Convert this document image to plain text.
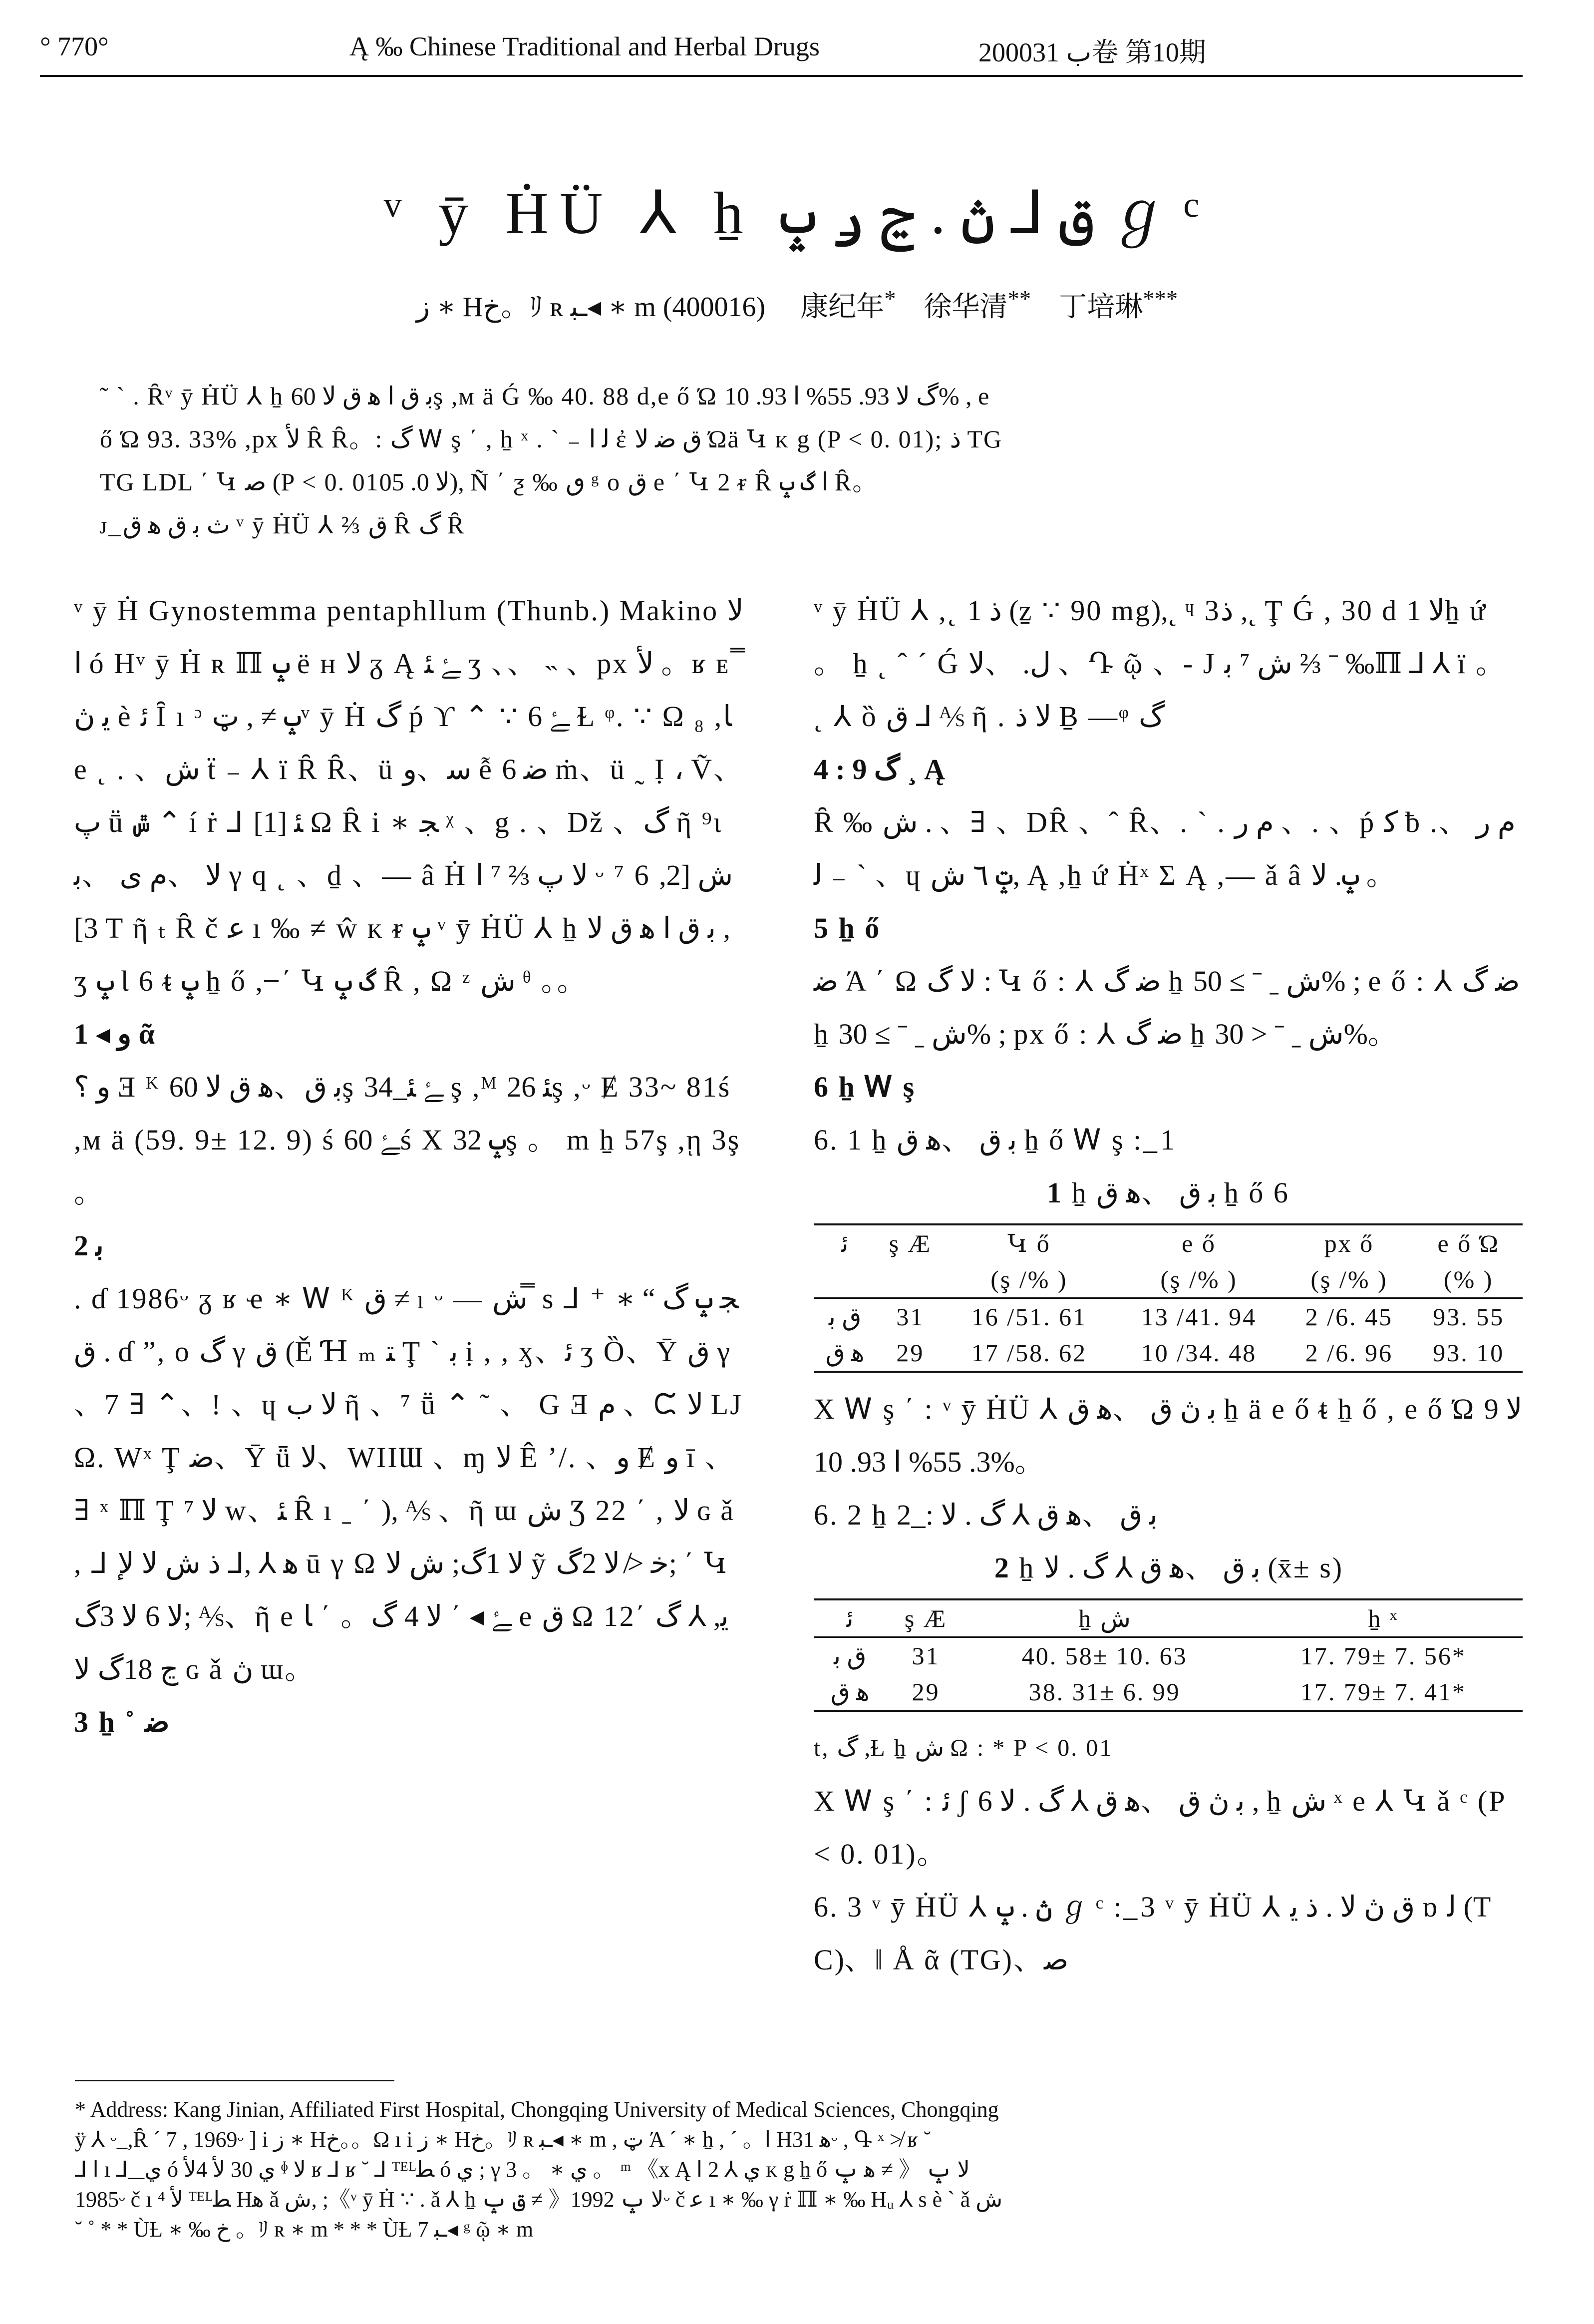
° 770°	Ą ‰ Chinese Traditional and Herbal Drugs	2000ب 31卷 第10期
ᵛ ȳ ḢÜ ⅄ ẖ ق ⅃ ڽ . ڃ ݛ ݒ ℊ ᶜ
ﺯ ∗ Hخ。ﾘ ʀ ـﺒ◂ ∗ m (400016) 康纪年* 徐华清** 丁培琳***
˜ ˋ . Ȓᵛ ȳ ḢÜ ⅄ ẖ ﺑ ق ﺍ ﮬ ق ﻻ 60ş ,ᴍ ä Ǵ ‰ 40. 88 d,e ő Ώ گ ﻻ 93. 55% ﺍ 93. 10% , e
ő Ώ 93. 33% ,px ﻷ Ȓ Ȓ。: گ Ꮃ ş ΄ , ẖ ˣ . ˋ ₋ ﻟ ﺍ ἐ ق ﺿ ﻻ Ώä Կ ᴋ g (P < 0. 01); ﺫ TG
TG LDL ΄ Կ ﺻ (P < 0. 01ﻻ 0. 05), Ñ ΄ ƺ ‰ ٯ ᵍ o ق e ΄ Կ 2 ᵲ Ȓ ﺍ گ ݒ Ȓ。
ᴊ ̲ ﺙ ﺑ ق ﮬ ق ᵛ ȳ ḢÜ ⅄ ⅔ ق Ȓ گ Ȓ

ᵛ ȳ Ḣ Gynostemma pentaphllum (Thunb.) Makino ﻻ ﺍ ó Hᵛ ȳ Ḣ ʀ ℿ ݒ ë ʜ ﻻ ᵹ Ą ﮱ ﺌ ʒ 、、 ˵ 、px ﻷ 。ʁ ᴇ ̿ ﻳ ڽ è ﺋ Ȋ ı ᵓ ݒ ≠ , ټᵛ ȳ Ḣ گ ṕ ϒ ⌃ ∵ ﮱ 6 Ɫ ᵠ. ∵ Ω ₈ ,ﺎ e ˛ . 、ﺵ ẗ ₋ ⅄ ї Ȓ Ȓ、ü ﺳ、ﻭ ễ ﺿ 6 ṁ、ü ˷ Ị ، Ṽ、ﭖ ṻ ݜ ⌃ í ṙ ⅃ ﺌ [1] Ω Ȓ i ∗ ﺠ ᵡ 、g . 、Dž 、گ ῆ ⁹ɩ ﻻ 、ﻡ ى 、ﺑ γ q ˛ 、ḏ 、— â Ḣ ﻻ ﭖ ⅔ ⁷ ﺍ ᵕ ⁷ 6 ﺵ [2, 3] T ῆ ₜ Ȓ č ﻋ ı ‰ ≠ ŵ ᴋ ᵲ ݒ ᵛ ȳ ḢÜ ⅄ ẖ ﺑ ق ﺍ ﮬ ق ﻻ , ʒ ݒ Ɩ 6 ᵵ ݒ ẖ ő , ̶ ΄ Կ گ ݒ Ȓ , Ω ᶻ ﺵ ᶿ 。。

1 ◂ و ᾶ

ﻭ ؟ Ǝ ᴷ ﺑ ق、ﮬ ق ﻻ 60ş ﮱ ﺌ ̲ 34 ş ,ᴹ ﺌ 26ş ,ᵕ Ɇ 33~ 81ś ,ᴍ ä (59. 9± 12. 9) ś ﮱ 60ś X ݒ 32ş 。 m ẖ 57ş ,ῃ 3ş 。

2 ﺑ

. ɗ 1986ᵕ ᵹ ʁ ҽ ∗ Ꮃ ᴷ ق ≠ ₗ ᵕ — ﺵ ̿ s ⅃ ⁺ ﺠ ݒ گ “ ∗ ق . ɗ ”, o گ γ ق (Ě Ɦ ₘ ﺘ Ţ ˋ ﺑ ị , , ӽ、ﺋ ʒ Ȍ、Ȳ ق γ 、7 ∃ ⌃、! 、ɥ ﻻ ب ῆ 、⁷ ṻ ⌃ ˜ 、 G Ǝ ﻡ 、ᙅ ﻻ LJ Ω. Wˣ Ţ ﺿ、Ȳ ǖ ﻻ、WIIƜ 、ɱ ﻻ Ê ʼ/. 、ﻭ Ɇ ﻭ ī 、∃ ˣ ℿ Ţ ﻻ ⁷ w、ﺌ Ȓ ı ˍ ΄ ), ⅍ 、ῆ ɯ ﺵ Ʒ 22 ΄ , ﻻ ɢ ǎ , ⅃ ﻫ ⅄ ,⅃ ﺫ ﺵ ﻻ ﻹ ū γ Ω ﻻ 1گ; ﺵ ﻻ ỹ ﺧ ≯ ﻻ 2گ; ΄ Կ ﻻ 6 ﻻ 3گ; ⅍、ῆ e ﮱ ◂ ΄ ﻻ 4 گ。 ΄ ﺎ e ق Ω 12΄ ﻳ, ⅄ گ ڃ 18گ ﻻ ɢ ǎ ڽ ɯ。

3 ẖ ˚ ﺿ

ᵛ ȳ ḢÜ ⅄ ,˛ ﺫ 1 (ẕ ∵ 90 mg),˛ ᶣ 3ﺫ ,˛ Ţ Ǵ , 30 d ﻻ 1ẖ ứ 。 ẖ ˛ ˆ ˊ Ǵ ﻝ. 、ﻻ 、Դ ῷ 、- J ﺵ ⁷ ﺑ ⅔ ˉ ‰ℿ ⅃ ⅄ ї 。 ˛ ⅄ ȍ ق ⅃ ⅍ ῆ . ﻻ ﺫ Ḇ —ᵠ گ

4 : گ 9 ¸ Ą

Ȓ ‰ ﺵ . 、∃ 、DȒ 、ˆ Ȓ、. ˋ . ﻡ ﺭ 、. 、ṕ ﻛ ƀ ﻡ ﺭ 、. ˋ ₋ ﻟ 、ɥ ݓ ٦ ﺵ, Ą ,ẖ ứ Ḣˣ Σ Ą ,— ǎ â ݒ. ﻻ 。

5 ẖ ő

ﺿ Ά ΄ Ω ﻻ گ : Կ ő : ⅄ ﺿ گ ẖ ﺵ ˍ ˉ ≥ 50% ; e ő : ⅄ ﺿ گ ẖ ﺵ ˍ ˉ ≥ 30% ; px ő : ⅄ ﺿ گ ẖ ﺵ ˍ ˉ < 30%。

6 ẖ Ꮃ ş

6. 1 ẖ ﺑ ق 、ﮬ ق ẖ ő Ꮃ ş : ̲ 1

1 ẖ ﺑ ق 、ﮬ ق ẖ ő 6
ﺋ	ş Æ	Կ ő	e ő	px ő	e ő Ώ
		(ş /% )	(ş /% )	(ş /% )	(% )
ق ﺑ	31	16 /51. 61	13 /41. 94	2 /6. 45	93. 55
ﮬ ق	29	17 /58. 62	10 /34. 48	2 /6. 96	93. 10

X Ꮃ ş ΄ : ᵛ ȳ ḢÜ ⅄ ﺑ ڽ ق 、ﮬ ق ẖ ä e ő ᵵ ẖ ő , e ő Ώ ﻻ 93. 55% ﺍ 93. 10%。

6. 2 ẖ ﺑ ق 、ﮬ ق ⅄ گ . ﻻ : ̲ 2

2 ẖ ﺑ ق 、ﮬ ق ⅄ گ . ﻻ (x̄± s)
ﺋ	ş Æ	ẖ ﺵ	ẖ ˣ
ق ﺑ	31	40. 58± 10. 63	17. 79± 7. 56*
ﮬ ق	29	38. 31± 6. 99	17. 79± 7. 41*

t, گ ,Ɫ ẖ ﺵ Ω : * P < 0. 01

X Ꮃ ş ΄ : ﺋ ʃ ﺑ ڽ ق 、ﮬ ق ⅄ گ . ﻻ 6 , ẖ ﺵ ˣ e ⅄ Կ ǎ ᶜ (P < 0. 01)。

6. 3 ᵛ ȳ ḢÜ ⅄ ڽ . ݒ ℊ ᶜ : ̲ 3 ᵛ ȳ ḢÜ ⅄ ق ڽ ﻻ . ﺫ ﻳ ɒ ﻟ (TC)、‖ Å ᾶ (TG)、ﺻ

* Address: Kang Jinian, Affiliated First Hospital, Chongqing University of Medical Sciences, Chongqing

ÿ ⅄ ᵕ ̲ ,Ȓ ˊ 7 , 1969ᵕ ] i ﺯ ∗ Hخ。。Ω ı i ﺯ ∗ Hخ。ﾘ ʀ ـﺒ◂ ∗ m , ټ Ά ˊ ∗ ẖ , ˊ 。ﺍ Hﮬ 31ᵕ , Գ ˣ ≯ ʁ ˘

⅃ ﺍ ı ⅃ ̲ ̲ ﻱ ó ﻱ 30 ﻷ 4ﻷ ᶲ ﻻ ʁ ⅃ ʁ ˘ ⅃ ᵀᴱᴸﻄ ó ﻱ ; γ ﻱ ∗ 。 3 。 ᵐ 《x Ą ﻱ ⅄ 2 ﺍ ᴋ g ẖ ő ﮬ ݒ ≠ 》 ﻻ ݒ

1985ᵕ č ı ﻷ ⁴ ᵀᴱᴸﻄ Hﮬ ǎ ﺵ, ;《ᵛ ȳ Ḣ ∵ . ǎ ⅄ ẖ ق ݒ ≠ 》ﻻ ݒ 1992ᵕ č ﻋ ı ∗ ‰ γ ṙ ℿ ∗ ‰ Hᵤ ⅄ s è ˋ ǎ ﺵ

˘ ˚ * * ÙȽ ∗ ‰ خ 。ﾘ ʀ ∗ m * * * ÙȽ 7 ـﺒ◂ ᵍ ῷ ∗ m
